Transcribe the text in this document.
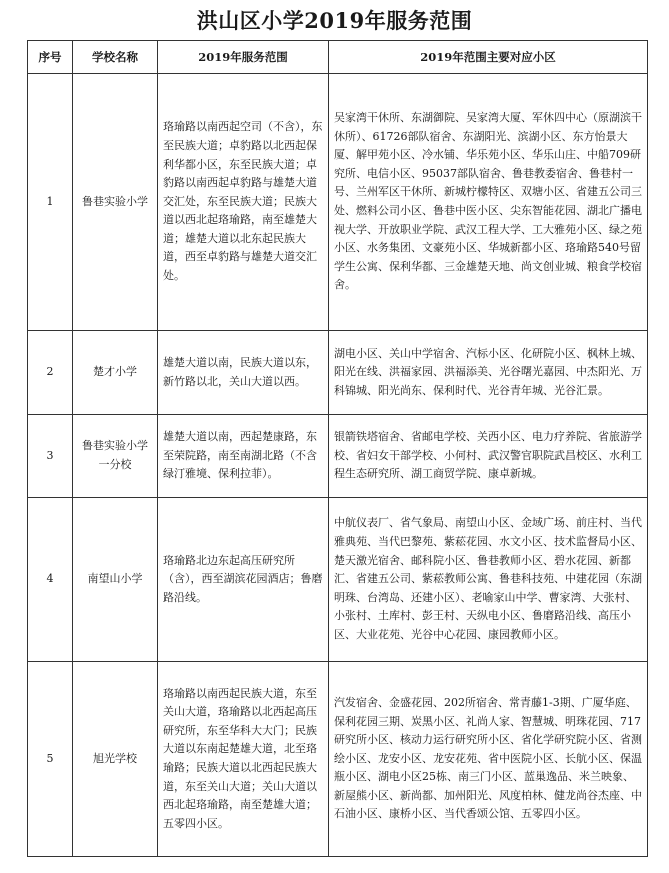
洪山区小学2019年服务范围
序号	学校名称	2019年服务范围	2019年范围主要对应小区
1	鲁巷实验小学	珞瑜路以南西起空司（不含），东至民族大道；卓豹路以北西起保利华都小区，东至民族大道；卓豹路以南西起卓豹路与雄楚大道交汇处，东至民族大道；民族大道以西北起珞瑜路，南至雄楚大道；雄楚大道以北东起民族大道，西至卓豹路与雄楚大道交汇处。	吴家湾干休所、东湖御院、吴家湾大厦、军休四中心（原湖滨干休所）、61726部队宿舍、东湖阳光、滨湖小区、东方怡景大厦、解甲苑小区、冷水铺、华乐苑小区、华乐山庄、中船709研究所、电信小区、95037部队宿舍、鲁巷教委宿舍、鲁巷村一号、兰州军区干休所、新城柠檬特区、双塘小区、省建五公司三处、燃料公司小区、鲁巷中医小区、尖东智能花园、湖北广播电视大学、开放职业学院、武汉工程大学、工大雅苑小区、绿之苑小区、水务集团、文豪苑小区、华城新都小区、珞瑜路540号留学生公寓、保利华都、三金雄楚天地、尚文创业城、粮食学校宿舍。
2	楚才小学	雄楚大道以南，民族大道以东，新竹路以北，关山大道以西。	湖电小区、关山中学宿舍、汽标小区、化研院小区、枫林上城、阳光在线、洪福家园、洪福添美、光谷曙光嘉园、中杰阳光、万科锦城、阳光尚东、保利时代、光谷青年城、光谷汇景。
3	鲁巷实验小学一分校	雄楚大道以南，西起楚康路，东至荣院路，南至南湖北路（不含绿汀雅境、保利拉菲）。	银箭铁塔宿舍、省邮电学校、关西小区、电力疗养院、省旅游学校、省妇女干部学校、小何村、武汉警官职院武昌校区、水利工程生态研究所、湖工商贸学院、康卓新城。
4	南望山小学	珞瑜路北边东起高压研究所（含），西至湖滨花园酒店；鲁磨路沿线。	中航仪表厂、省气象局、南望山小区、金域广场、前庄村、当代雅典苑、当代巴黎苑、紫菘花园、水文小区、技术监督局小区、楚天激光宿舍、邮科院小区、鲁巷教师小区、碧水花园、新都汇、省建五公司、紫菘教师公寓、鲁巷科技苑、中建花园（东湖明珠、台湾岛、还建小区）、老喻家山中学、曹家湾、大张村、小张村、土库村、彭王村、天纵电小区、鲁磨路沿线、高压小区、大业花苑、光谷中心花园、康园教师小区。
5	旭光学校	珞瑜路以南西起民族大道，东至关山大道，珞瑜路以北西起高压研究所，东至华科大大门；民族大道以东南起楚雄大道，北至珞瑜路；民族大道以北西起民族大道，东至关山大道；关山大道以西北起珞瑜路，南至楚雄大道；五零四小区。	汽发宿舍、金盛花园、202所宿舍、常青藤1-3期、广厦华庭、保利花园三期、炭黑小区、礼尚人家、智慧城、明珠花园、717研究所小区、核动力运行研究所小区、省化学研究院小区、省测绘小区、龙安小区、龙安花苑、省中医院小区、长航小区、保温瓶小区、湖电小区25栋、南三门小区、蓝巢逸品、米兰映象、新屋熊小区、新尚都、加州阳光、风度柏林、健龙尚谷杰座、中石油小区、康桥小区、当代香颂公馆、五零四小区。
